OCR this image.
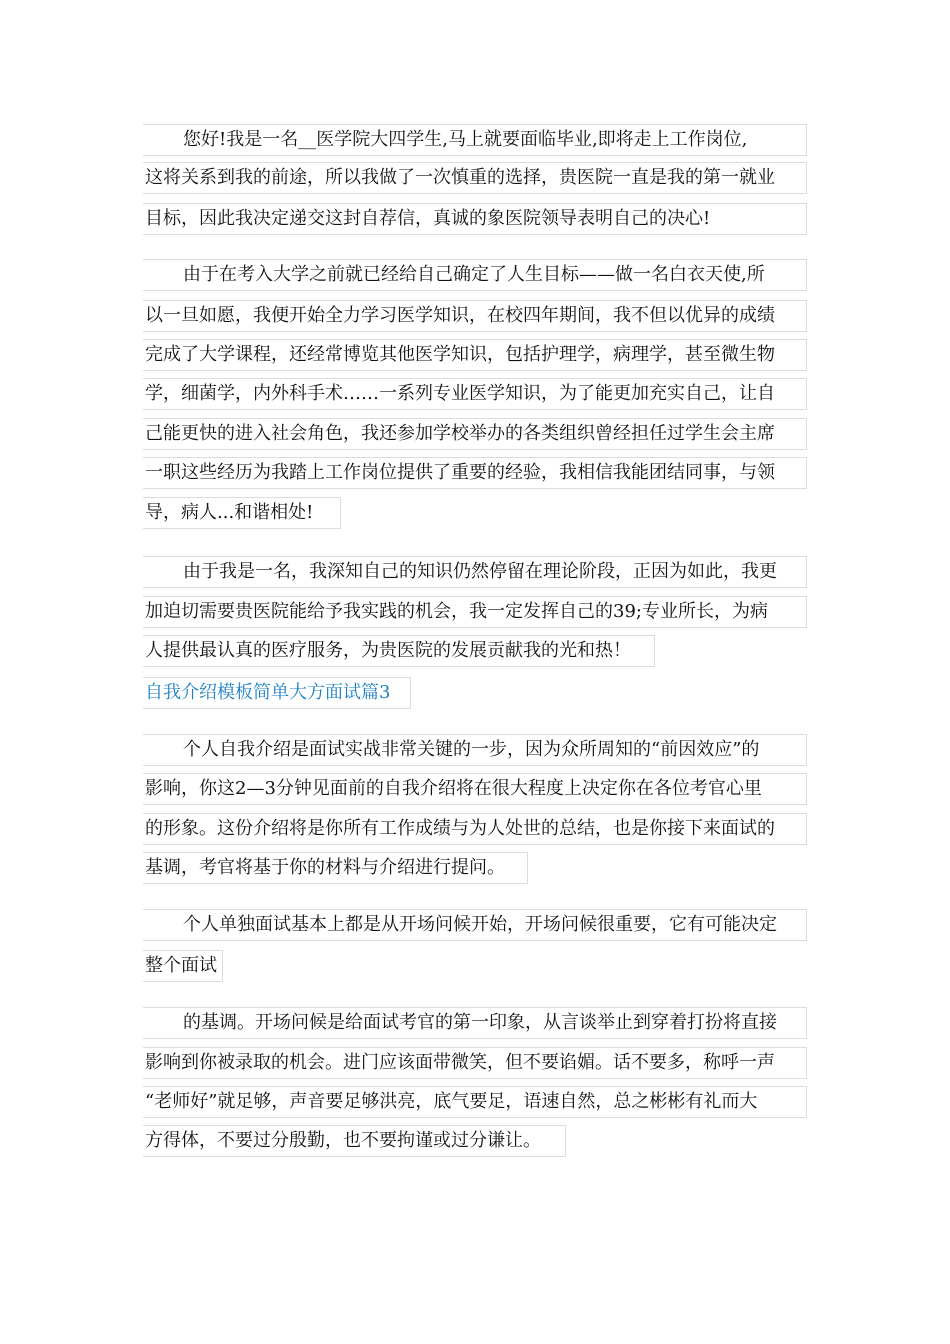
您好!我是一名__医学院大四学生,马上就要面临毕业,即将走上工作岗位,
这将关系到我的前途，所以我做了一次慎重的选择，贵医院一直是我的第一就业
目标，因此我决定递交这封自荐信，真诚的象医院领导表明自己的决心!
由于在考入大学之前就已经给自己确定了人生目标——做一名白衣天使,所
以一旦如愿，我便开始全力学习医学知识，在校四年期间，我不但以优异的成绩
完成了大学课程，还经常博览其他医学知识，包括护理学，病理学，甚至微生物
学，细菌学，内外科手术……一系列专业医学知识，为了能更加充实自己，让自
己能更快的进入社会角色，我还参加学校举办的各类组织曾经担任过学生会主席
一职这些经历为我踏上工作岗位提供了重要的经验，我相信我能团结同事，与领
导，病人...和谐相处!
由于我是一名，我深知自己的知识仍然停留在理论阶段，正因为如此，我更
加迫切需要贵医院能给予我实践的机会，我一定发挥自己的39;专业所长，为病
人提供最认真的医疗服务，为贵医院的发展贡献我的光和热！
自我介绍模板简单大方面试篇3
个人自我介绍是面试实战非常关键的一步，因为众所周知的“前因效应”的
影响，你这2—3分钟见面前的自我介绍将在很大程度上决定你在各位考官心里
的形象。这份介绍将是你所有工作成绩与为人处世的总结，也是你接下来面试的
基调，考官将基于你的材料与介绍进行提问。
个人单独面试基本上都是从开场问候开始，开场问候很重要，它有可能决定
整个面试
的基调。开场问候是给面试考官的第一印象，从言谈举止到穿着打扮将直接
影响到你被录取的机会。进门应该面带微笑，但不要谄媚。话不要多，称呼一声
“老师好”就足够，声音要足够洪亮，底气要足，语速自然，总之彬彬有礼而大
方得体，不要过分殷勤，也不要拘谨或过分谦让。
